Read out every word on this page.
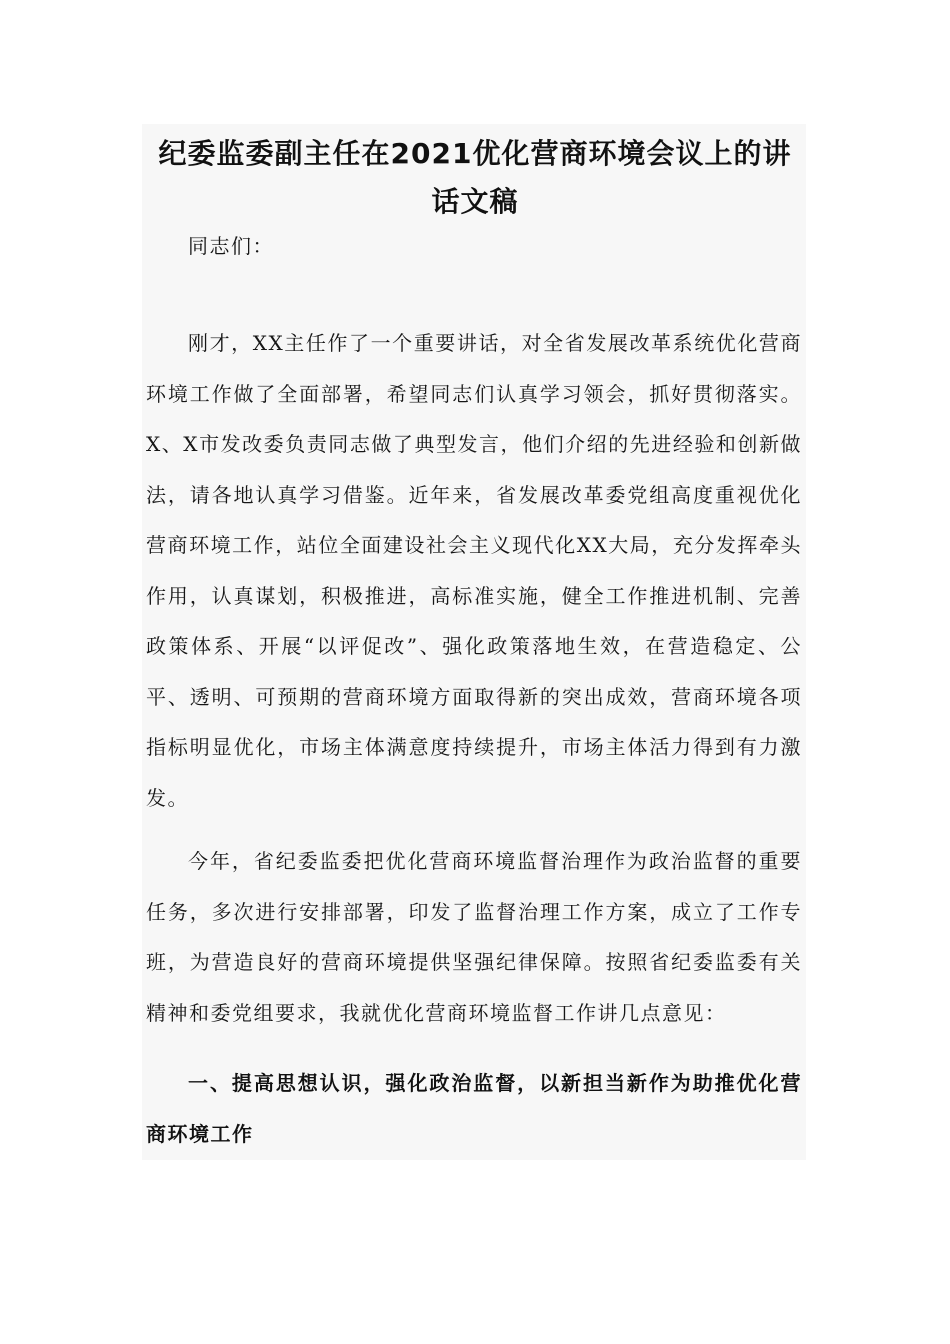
纪委监委副主任在2021优化营商环境会议上的讲话文稿

同志们：

刚才，XX主任作了一个重要讲话，对全省发展改革系统优化营商环境工作做了全面部署，希望同志们认真学习领会，抓好贯彻落实。X、X市发改委负责同志做了典型发言，他们介绍的先进经验和创新做法，请各地认真学习借鉴。近年来，省发展改革委党组高度重视优化营商环境工作，站位全面建设社会主义现代化XX大局，充分发挥牵头作用，认真谋划，积极推进，高标准实施，健全工作推进机制、完善政策体系、开展“以评促改”、强化政策落地生效，在营造稳定、公平、透明、可预期的营商环境方面取得新的突出成效，营商环境各项指标明显优化，市场主体满意度持续提升，市场主体活力得到有力激发。

今年，省纪委监委把优化营商环境监督治理作为政治监督的重要任务，多次进行安排部署，印发了监督治理工作方案，成立了工作专班，为营造良好的营商环境提供坚强纪律保障。按照省纪委监委有关精神和委党组要求，我就优化营商环境监督工作讲几点意见：

一、提高思想认识，强化政治监督，以新担当新作为助推优化营商环境工作
